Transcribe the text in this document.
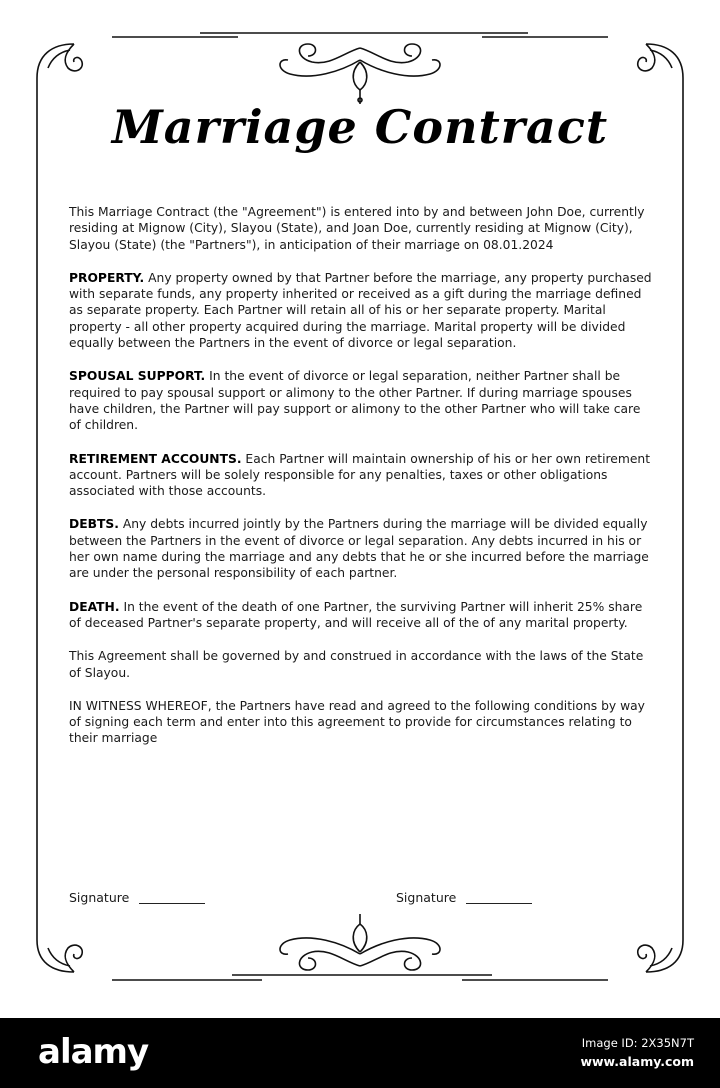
Marriage Contract

This Marriage Contract (the "Agreement") is entered into by and between John Doe, currently residing at Mignow (City), Slayou (State), and Joan Doe, currently residing at Mignow (City), Slayou (State) (the "Partners"), in anticipation of their marriage on 08.01.2024

PROPERTY. Any property owned by that Partner before the marriage, any property purchased with separate funds, any property inherited or received as a gift during the marriage defined as separate property. Each Partner will retain all of his or her separate property. Marital property - all other property acquired during the marriage. Marital property will be divided equally between the Partners in the event of divorce or legal separation.

SPOUSAL SUPPORT. In the event of divorce or legal separation, neither Partner shall be required to pay spousal support or alimony to the other Partner. If during marriage spouses have children, the Partner will pay support or alimony to the other Partner who will take care of children.

RETIREMENT ACCOUNTS. Each Partner will maintain ownership of his or her own retirement account. Partners will be solely responsible for any penalties, taxes or other obligations associated with those accounts.

DEBTS. Any debts incurred jointly by the Partners during the marriage will be divided equally between the Partners in the event of divorce or legal separation. Any debts incurred in his or her own name during the marriage and any debts that he or she incurred before the marriage are under the personal responsibility of each partner.

DEATH. In the event of the death of one Partner, the surviving Partner will inherit 25% share of deceased Partner's separate property, and will receive all of the of any marital property.

This Agreement shall be governed by and construed in accordance with the laws of the State of Slayou.

IN WITNESS WHEREOF, the Partners have read and agreed to the following conditions by way of signing each term and enter into this agreement to provide for circumstances relating to their marriage

Signature	Signature
alamy	Image ID: 2X35N7T
www.alamy.com
